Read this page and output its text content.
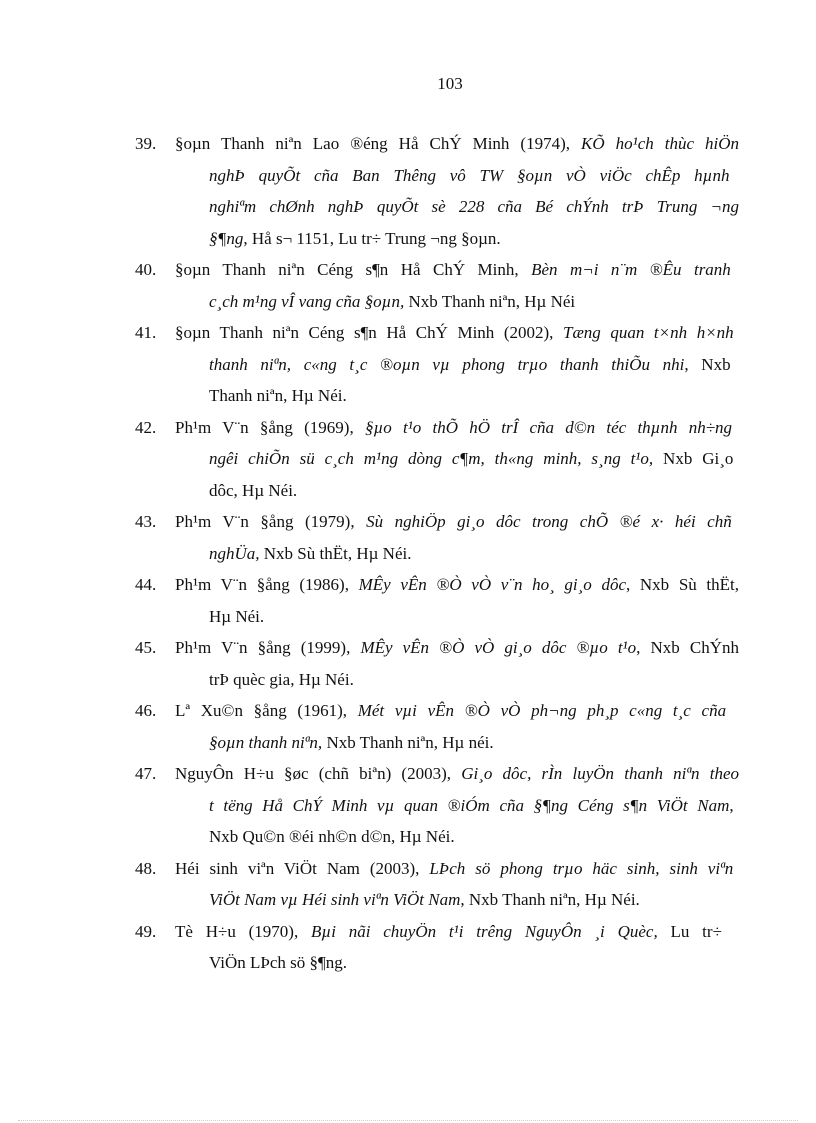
103
39. §oµn Thanh niªn Lao ®éng Hå ChÝ Minh (1974), KÕ ho¹ch thùc hiÖn
nghÞ quyÕt cña Ban Thêng vô TW §oµn vÒ viÖc chÊp hµnh
nghiªm chØnh nghÞ quyÕt sè 228 cña Bé chÝnh trÞ Trung ¬ng
§¶ng, Hå s¬ 1151, Lu tr÷ Trung ¬ng §oµn.
40. §oµn Thanh niªn Céng s¶n Hå ChÝ Minh, Bèn m¬i n¨m ®Êu tranh
c¸ch m¹ng vÎ vang cña §oµn, Nxb Thanh niªn, Hµ Néi
41. §oµn Thanh niªn Céng s¶n Hå ChÝ Minh (2002), Tæng quan t×nh h×nh
thanh niªn, c«ng t¸c ®oµn vµ phong trµo thanh thiÕu nhi, Nxb
Thanh niªn, Hµ Néi.
42. Ph¹m V¨n §ång (1969), §µo t¹o thÕ hÖ trÎ cña d©n téc thµnh nh÷ng
ngêi chiÕn sü c¸ch m¹ng dòng c¶m, th«ng minh, s¸ng t¹o, Nxb Gi¸o
dôc, Hµ Néi.
43. Ph¹m V¨n §ång (1979), Sù nghiÖp gi¸o dôc trong chÕ ®é x· héi chñ
nghÜa, Nxb Sù thËt, Hµ Néi.
44. Ph¹m V¨n §ång (1986), MÊy vÊn ®Ò vÒ v¨n ho¸ gi¸o dôc, Nxb Sù thËt,
Hµ Néi.
45. Ph¹m V¨n §ång (1999), MÊy vÊn ®Ò vÒ gi¸o dôc ®µo t¹o, Nxb ChÝnh
trÞ quèc gia, Hµ Néi.
46. Lª Xu©n §ång (1961), Mét vµi vÊn ®Ò vÒ ph¬ng ph¸p c«ng t¸c cña
§oµn thanh niªn, Nxb Thanh niªn, Hµ néi.
47. NguyÔn H÷u §øc (chñ biªn) (2003), Gi¸o dôc, rÌn luyÖn thanh niªn theo
t tëng Hå ChÝ Minh vµ quan ®iÓm cña §¶ng Céng s¶n ViÖt Nam,
Nxb Qu©n ®éi nh©n d©n, Hµ Néi.
48. Héi sinh viªn ViÖt Nam (2003), LÞch sö phong trµo häc sinh, sinh viªn
ViÖt Nam vµ Héi sinh viªn ViÖt Nam, Nxb Thanh niªn, Hµ Néi.
49. Tè H÷u (1970), Bµi nãi chuyÖn t¹i trêng NguyÔn ¸i Quèc, Lu tr÷
ViÖn LÞch sö §¶ng.
